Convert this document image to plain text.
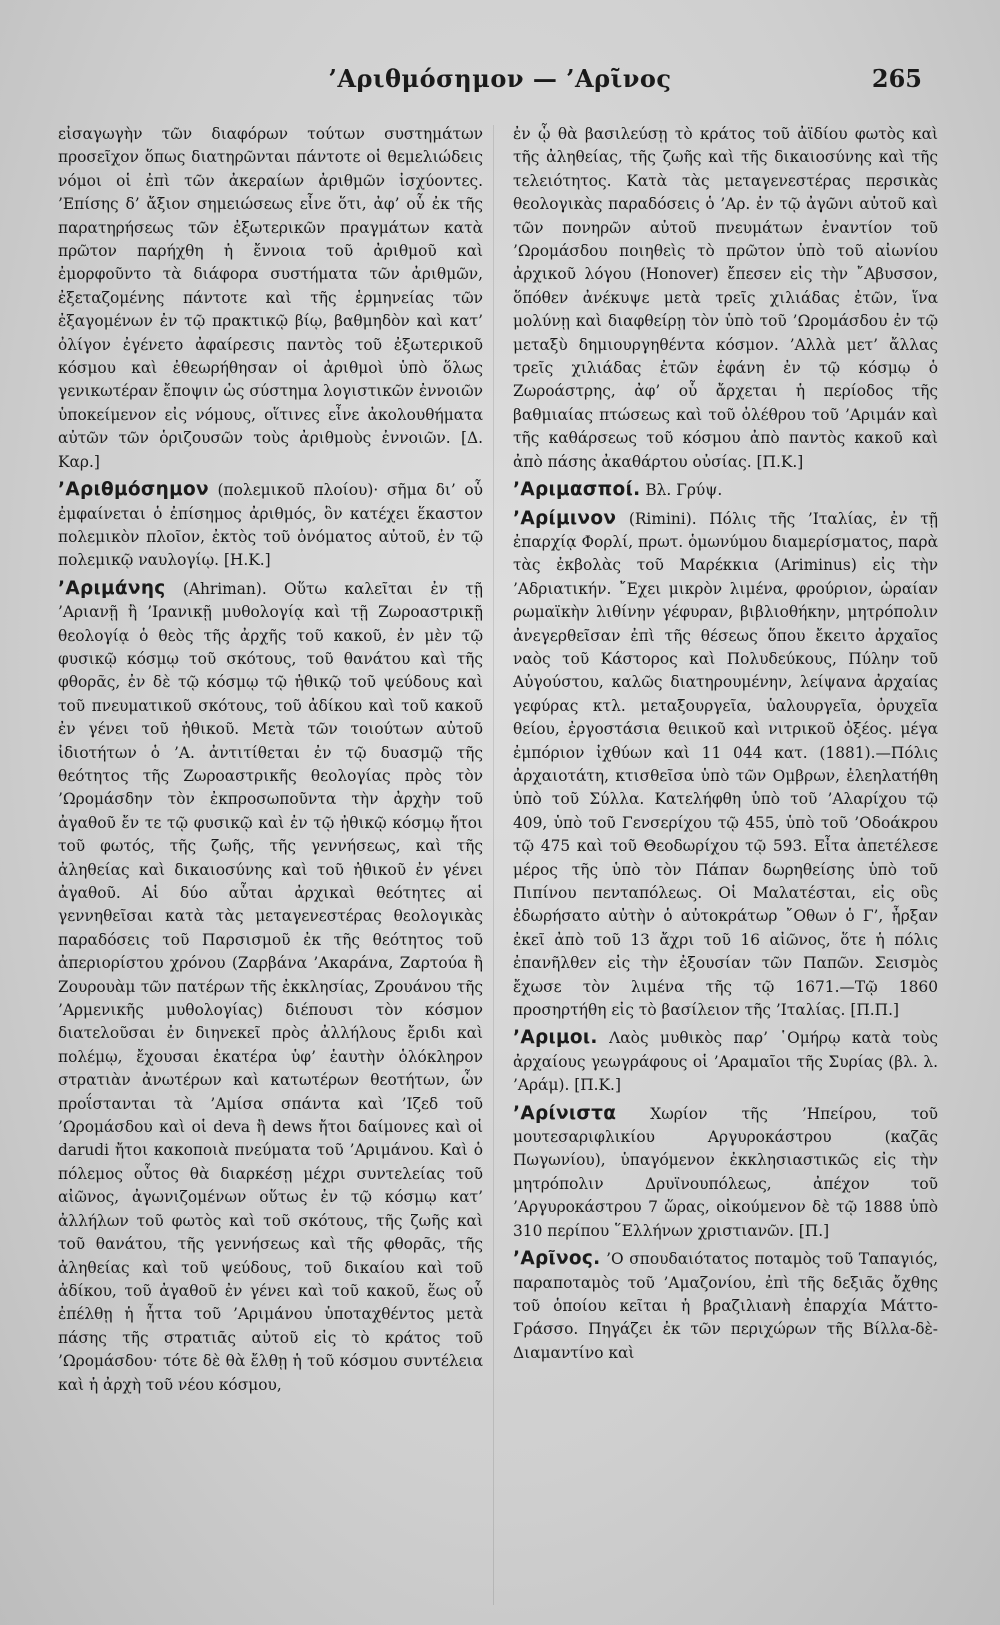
’Αριθμόσημον — ’Αρῖνος	265

εἰσαγωγὴν τῶν διαφόρων τούτων συστημάτων προσεῖχον ὅπως διατηρῶνται πάντοτε οἱ θεμελιώδεις νόμοι οἱ ἐπὶ τῶν ἀκεραίων ἀριθμῶν ἰσχύοντες. ’Επίσης δ’ ἄξιον σημειώσεως εἶνε ὅτι, ἀφ’ οὗ ἐκ τῆς παρατηρήσεως τῶν ἐξωτερικῶν πραγμάτων κατὰ πρῶτον παρήχθη ἡ ἔννοια τοῦ ἀριθμοῦ καὶ ἐμορφοῦντο τὰ διάφορα συστήματα τῶν ἀριθμῶν, ἐξεταζομένης πάντοτε καὶ τῆς ἑρμηνείας τῶν ἐξαγομένων ἐν τῷ πρακτικῷ βίῳ, βαθμηδὸν καὶ κατ’ ὀλίγον ἐγένετο ἀφαίρεσις παντὸς τοῦ ἐξωτερικοῦ κόσμου καὶ ἐθεωρήθησαν οἱ ἀριθμοὶ ὑπὸ ὅλως γενικωτέραν ἔποψιν ὡς σύστημα λογιστικῶν ἐννοιῶν ὑποκείμενον εἰς νόμους, οἵτινες εἶνε ἀκολουθήματα αὐτῶν τῶν ὁριζουσῶν τοὺς ἀριθμοὺς ἐννοιῶν. [Δ. Καρ.]

’Αριθμόσημον (πολεμικοῦ πλοίου)· σῆμα δι’ οὗ ἐμφαίνεται ὁ ἐπίσημος ἀριθμός, ὃν κατέχει ἕκαστον πολεμικὸν πλοῖον, ἐκτὸς τοῦ ὀνόματος αὐτοῦ, ἐν τῷ πολεμικῷ ναυλογίῳ. [Η.Κ.]

’Αριμάνης (Ahriman). Οὕτω καλεῖται ἐν τῇ ’Αριανῇ ἢ ’Ιρανικῇ μυθολογίᾳ καὶ τῇ Ζωροαστρικῇ θεολογίᾳ ὁ θεὸς τῆς ἀρχῆς τοῦ κακοῦ, ἐν μὲν τῷ φυσικῷ κόσμῳ τοῦ σκότους, τοῦ θανάτου καὶ τῆς φθορᾶς, ἐν δὲ τῷ κόσμῳ τῷ ἠθικῷ τοῦ ψεύδους καὶ τοῦ πνευματικοῦ σκότους, τοῦ ἀδίκου καὶ τοῦ κακοῦ ἐν γένει τοῦ ἠθικοῦ. Μετὰ τῶν τοιούτων αὐτοῦ ἰδιοτήτων ὁ ’Α. ἀντιτίθεται ἐν τῷ δυασμῷ τῆς θεότητος τῆς Ζωροαστρικῆς θεολογίας πρὸς τὸν ’Ωρομάσδην τὸν ἐκπροσωποῦντα τὴν ἀρχὴν τοῦ ἀγαθοῦ ἔν τε τῷ φυσικῷ καὶ ἐν τῷ ἠθικῷ κόσμῳ ἤτοι τοῦ φωτός, τῆς ζωῆς, τῆς γεννήσεως, καὶ τῆς ἀληθείας καὶ δικαιοσύνης καὶ τοῦ ἠθικοῦ ἐν γένει ἀγαθοῦ. Αἱ δύο αὗται ἀρχικαὶ θεότητες αἱ γεννηθεῖσαι κατὰ τὰς μεταγενεστέρας θεολογικὰς παραδόσεις τοῦ Παρσισμοῦ ἐκ τῆς θεότητος τοῦ ἀπεριορίστου χρόνου (Ζαρβάνα ’Ακαράνα, Ζαρτούα ἢ Ζουρουὰμ τῶν πατέρων τῆς ἐκκλησίας, Ζρουάνου τῆς ’Αρμενικῆς μυθολογίας) διέπουσι τὸν κόσμον διατελοῦσαι ἐν διηνεκεῖ πρὸς ἀλλήλους ἔριδι καὶ πολέμῳ, ἔχουσαι ἑκατέρα ὑφ’ ἑαυτὴν ὁλόκληρον στρατιὰν ἀνωτέρων καὶ κατωτέρων θεοτήτων, ὧν προΐστανται τὰ ’Αμίσα σπάντα καὶ ’Ιζεδ τοῦ ’Ωρομάσδου καὶ οἱ deva ἢ dews ἤτοι δαίμονες καὶ οἱ darudi ἤτοι κακοποιὰ πνεύματα τοῦ ’Αριμάνου. Καὶ ὁ πόλεμος οὗτος θὰ διαρκέσῃ μέχρι συντελείας τοῦ αἰῶνος, ἀγωνιζομένων οὕτως ἐν τῷ κόσμῳ κατ’ ἀλλήλων τοῦ φωτὸς καὶ τοῦ σκότους, τῆς ζωῆς καὶ τοῦ θανάτου, τῆς γεννήσεως καὶ τῆς φθορᾶς, τῆς ἀληθείας καὶ τοῦ ψεύδους, τοῦ δικαίου καὶ τοῦ ἀδίκου, τοῦ ἀγαθοῦ ἐν γένει καὶ τοῦ κακοῦ, ἕως οὗ ἐπέλθῃ ἡ ἧττα τοῦ ’Αριμάνου ὑποταχθέντος μετὰ πάσης τῆς στρατιᾶς αὐτοῦ εἰς τὸ κράτος τοῦ ’Ωρομάσδου· τότε δὲ θὰ ἔλθῃ ἡ τοῦ κόσμου συντέλεια καὶ ἡ ἀρχὴ τοῦ νέου κόσμου,

ἐν ᾧ θὰ βασιλεύσῃ τὸ κράτος τοῦ ἀϊδίου φωτὸς καὶ τῆς ἀληθείας, τῆς ζωῆς καὶ τῆς δικαιοσύνης καὶ τῆς τελειότητος. Κατὰ τὰς μεταγενεστέρας περσικὰς θεολογικὰς παραδόσεις ὁ ’Αρ. ἐν τῷ ἀγῶνι αὐτοῦ καὶ τῶν πονηρῶν αὐτοῦ πνευμάτων ἐναντίον τοῦ ’Ωρομάσδου ποιηθεὶς τὸ πρῶτον ὑπὸ τοῦ αἰωνίου ἀρχικοῦ λόγου (Honover) ἔπεσεν εἰς τὴν ῎Αβυσσον, ὅπόθεν ἀνέκυψε μετὰ τρεῖς χιλιάδας ἐτῶν, ἵνα μολύνῃ καὶ διαφθείρῃ τὸν ὑπὸ τοῦ ’Ωρομάσδου ἐν τῷ μεταξὺ δημιουργηθέντα κόσμον. ’Αλλὰ μετ’ ἄλλας τρεῖς χιλιάδας ἐτῶν ἐφάνη ἐν τῷ κόσμῳ ὁ Ζωροάστρης, ἀφ’ οὗ ἄρχεται ἡ περίοδος τῆς βαθμιαίας πτώσεως καὶ τοῦ ὀλέθρου τοῦ ’Αριμάν καὶ τῆς καθάρσεως τοῦ κόσμου ἀπὸ παντὸς κακοῦ καὶ ἀπὸ πάσης ἀκαθάρτου οὐσίας. [Π.Κ.]

’Αριμασποί. Βλ. Γρύψ.

’Αρίμινον (Rimini). Πόλις τῆς ’Ιταλίας, ἐν τῇ ἐπαρχίᾳ Φορλί, πρωτ. ὁμωνύμου διαμερίσματος, παρὰ τὰς ἐκβολὰς τοῦ Μαρέκκια (Ariminus) εἰς τὴν ’Αδριατικήν. ῎Εχει μικρὸν λιμένα, φρούριον, ὡραίαν ρωμαϊκὴν λιθίνην γέφυραν, βιβλιοθήκην, μητρόπολιν ἀνεγερθεῖσαν ἐπὶ τῆς θέσεως ὅπου ἔκειτο ἀρχαῖος ναὸς τοῦ Κάστορος καὶ Πολυδεύκους, Πύλην τοῦ Αὐγούστου, καλῶς διατηρουμένην, λείψανα ἀρχαίας γεφύρας κτλ. μεταξουργεῖα, ὑαλουργεῖα, ὀρυχεῖα θείου, ἐργοστάσια θειικοῦ καὶ νιτρικοῦ ὀξέος. μέγα ἐμπόριον ἰχθύων καὶ 11 044 κατ. (1881).—Πόλις ἀρχαιοτάτη, κτισθεῖσα ὑπὸ τῶν Ομβρων, ἐλεηλατήθη ὑπὸ τοῦ Σύλλα. Κατελήφθη ὑπὸ τοῦ ’Αλαρίχου τῷ 409, ὑπὸ τοῦ Γενσερίχου τῷ 455, ὑπὸ τοῦ ’Οδοάκρου τῷ 475 καὶ τοῦ Θεοδωρίχου τῷ 593. Εἶτα ἀπετέλεσε μέρος τῆς ὑπὸ τὸν Πάπαν δωρηθείσης ὑπὸ τοῦ Πιπίνου πενταπόλεως. Οἱ Μαλατέσται, εἰς οὓς ἐδωρήσατο αὐτὴν ὁ αὐτοκράτωρ ῎Οθων ὁ Γ’, ἦρξαν ἐκεῖ ἀπὸ τοῦ 13 ἄχρι τοῦ 16 αἰῶνος, ὅτε ἡ πόλις ἐπανῆλθεν εἰς τὴν ἐξουσίαν τῶν Παπῶν. Σεισμὸς ἔχωσε τὸν λιμένα τῆς τῷ 1671.—Τῷ 1860 προσηρτήθη εἰς τὸ βασίλειον τῆς ’Ιταλίας. [Π.Π.]

’Αριμοι. Λαὸς μυθικὸς παρ’ ῾Ομήρῳ κατὰ τοὺς ἀρχαίους γεωγράφους οἱ ’Αραμαῖοι τῆς Συρίας (βλ. λ. ’Αράμ). [Π.Κ.]

’Αρίνιστα Χωρίον τῆς ’Ηπείρου, τοῦ μουτεσαριφλικίου Αργυροκάστρου (καζᾶς Πωγωνίου), ὑπαγόμενον ἐκκλησιαστικῶς εἰς τὴν μητρόπολιν Δρυϊνουπόλεως, ἀπέχον τοῦ ’Αργυροκάστρου 7 ὥρας, οἰκούμενον δὲ τῷ 1888 ὑπὸ 310 περίπου ῞Ελλήνων χριστιανῶν. [Π.]

’Αρῖνος. ’Ο σπουδαιότατος ποταμὸς τοῦ Ταπαγιός, παραποταμὸς τοῦ ’Αμαζονίου, ἐπὶ τῆς δεξιᾶς ὄχθης τοῦ ὁποίου κεῖται ἡ βραζιλιανὴ ἐπαρχία Μάττο-Γράσσο. Πηγάζει ἐκ τῶν περιχώρων τῆς Βίλλα-δὲ-Διαμαντίνο καὶ
